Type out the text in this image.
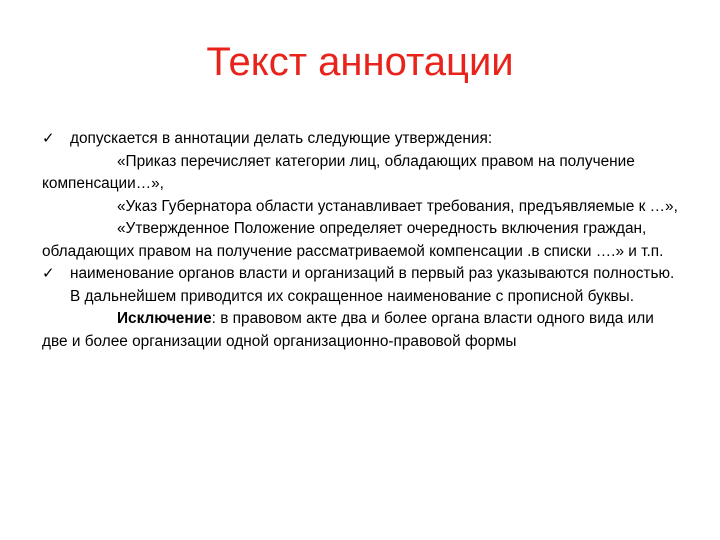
Текст аннотации

✓	допускается в аннотации делать следующие утверждения:

«Приказ перечисляет категории лиц, обладающих правом на получение компенсации…»,

«Указ Губернатора области устанавливает требования, предъявляемые к …»,

«Утвержденное Положение определяет очередность включения граждан, обладающих правом на получение рассматриваемой компенсации .в списки ….» и т.п.

✓	наименование органов власти и организаций в первый раз указываются полностью. В дальнейшем приводится их сокращенное наименование с прописной буквы.

Исключение: в правовом акте два и более органа власти одного вида или две и более организации одной организационно-правовой формы
